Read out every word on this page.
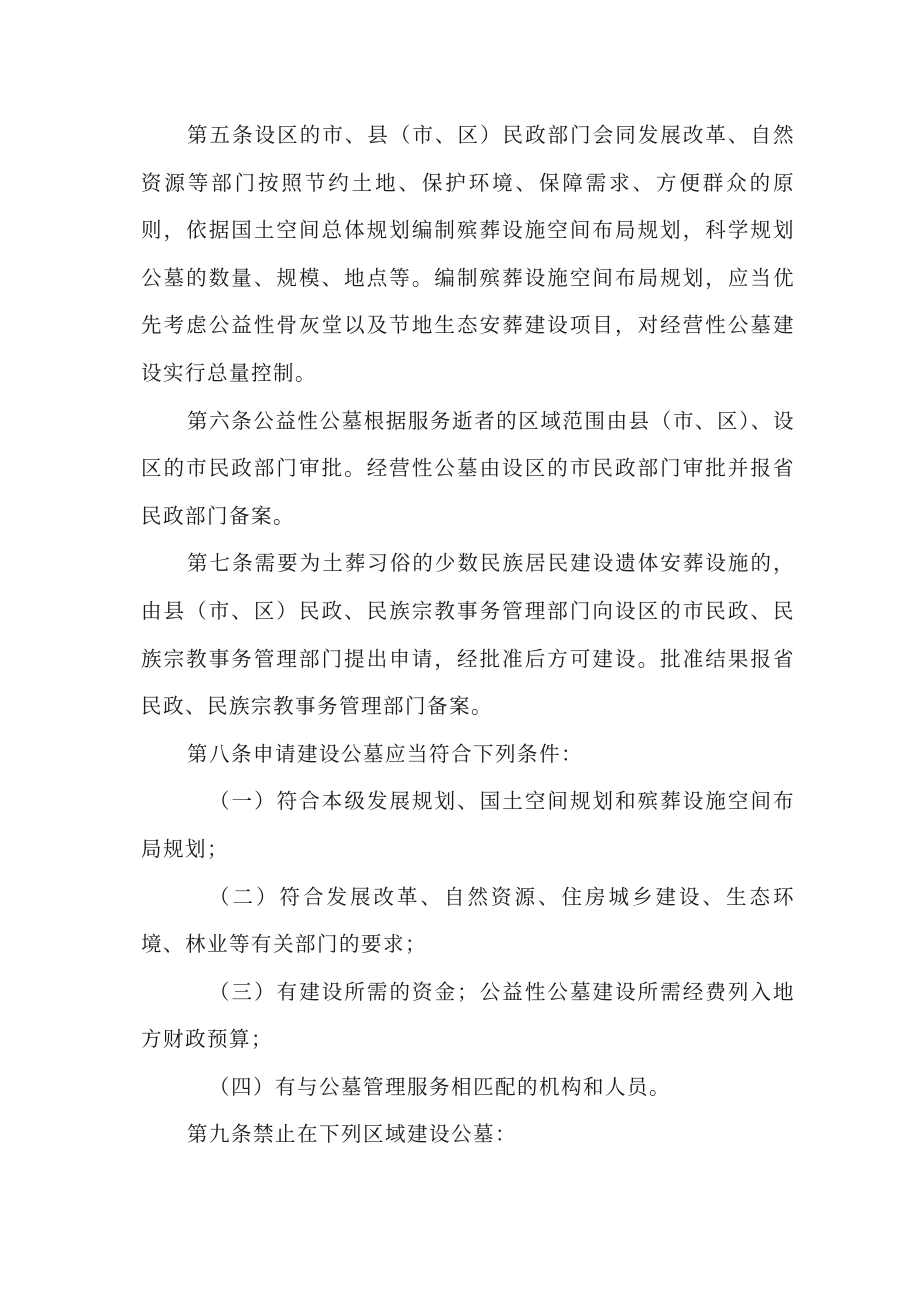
第五条设区的市、县（市、区）民政部门会同发展改革、自然资源等部门按照节约土地、保护环境、保障需求、方便群众的原则，依据国土空间总体规划编制殡葬设施空间布局规划，科学规划公墓的数量、规模、地点等。编制殡葬设施空间布局规划，应当优先考虑公益性骨灰堂以及节地生态安葬建设项目，对经营性公墓建设实行总量控制。

第六条公益性公墓根据服务逝者的区域范围由县（市、区）、设区的市民政部门审批。经营性公墓由设区的市民政部门审批并报省民政部门备案。

第七条需要为土葬习俗的少数民族居民建设遗体安葬设施的，由县（市、区）民政、民族宗教事务管理部门向设区的市民政、民族宗教事务管理部门提出申请，经批准后方可建设。批准结果报省民政、民族宗教事务管理部门备案。

第八条申请建设公墓应当符合下列条件：

（一）符合本级发展规划、国土空间规划和殡葬设施空间布局规划；

（二）符合发展改革、自然资源、住房城乡建设、生态环境、林业等有关部门的要求；

（三）有建设所需的资金；公益性公墓建设所需经费列入地方财政预算；

（四）有与公墓管理服务相匹配的机构和人员。

第九条禁止在下列区域建设公墓：
